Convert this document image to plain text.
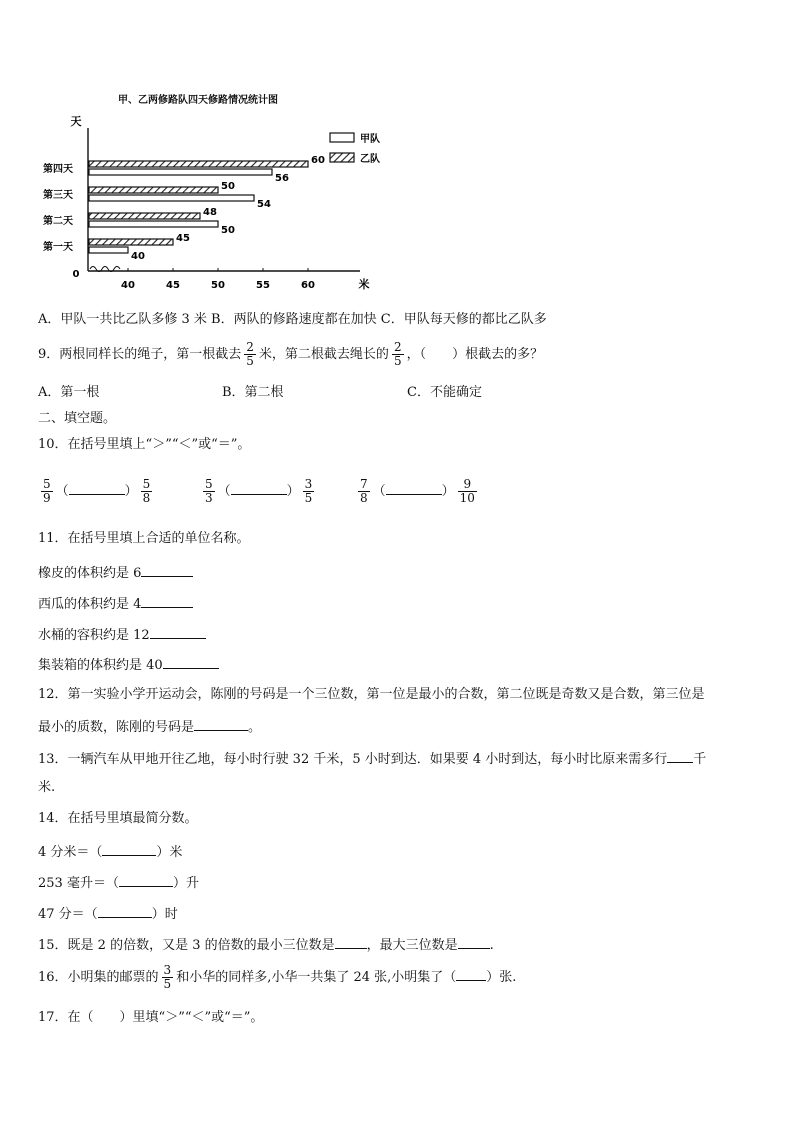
甲、乙两修路队四天修路情况统计图
天
米
0
40	45	50	55	60
第一天
40
45
第二天
50
48
第三天
54
50
第四天
56
60
甲队
乙队
A．甲队一共比乙队多修 3 米 B．两队的修路速度都在加快 C．甲队每天修的都比乙队多
9．两根同样长的绳子，第一根截去 $\frac{2}{5}$ 米，第二根截去绳长的 $\frac{2}{5}$ ，（　　）根截去的多？
A．第一根	B．第二根	C．不能确定
二、填空题。
10．在括号里填上“＞”“＜”或“＝”。
$\frac{5}{9}$ （	） $\frac{5}{8}$	$\frac{5}{3}$ （	） $\frac{3}{5}$	$\frac{7}{8}$ （	） $\frac{9}{10}$
11．在括号里填上合适的单位名称。
橡皮的体积约是 6
西瓜的体积约是 4
水桶的容积约是 12
集装箱的体积约是 40
12．第一实验小学开运动会，陈刚的号码是一个三位数，第一位是最小的合数，第二位既是奇数又是合数，第三位是
最小的质数，陈刚的号码是	。
13．一辆汽车从甲地开往乙地，每小时行驶 32 千米，5 小时到达．如果要 4 小时到达，每小时比原来需多行 千
米.
14．在括号里填最简分数。
4 分米＝（	）米
253 毫升＝（	）升
47 分＝（	）时
15．既是 2 的倍数，又是 3 的倍数的最小三位数是 ，最大三位数是 .
16．小明集的邮票的 $\frac{3}{5}$ 和小华的同样多,小华一共集了 24 张,小明集了（ ）张.
17．在（　　）里填“＞”“＜”或“＝”。
